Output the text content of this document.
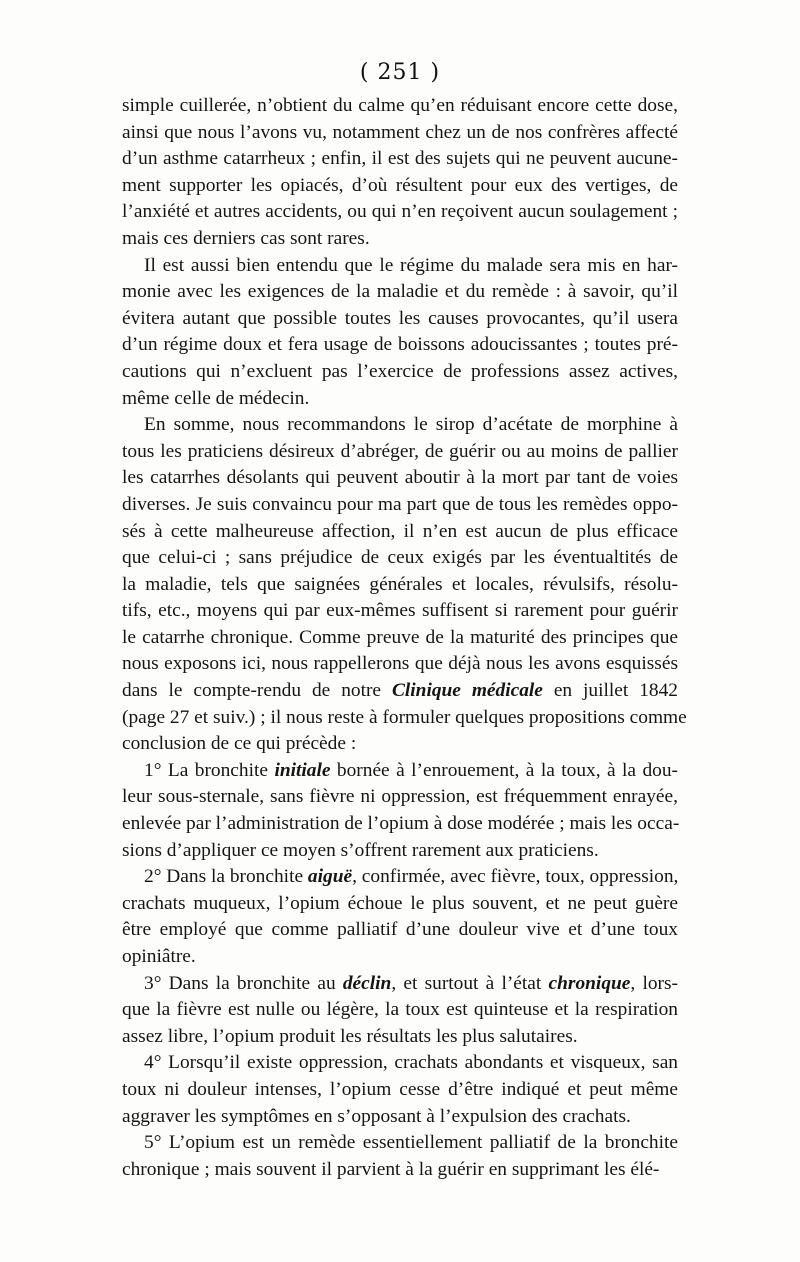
( 251 )
simple cuillerée, n’obtient du calme qu’en réduisant encore cette dose,
ainsi que nous l’avons vu, notamment chez un de nos confrères affecté
d’un asthme catarrheux ; enfin, il est des sujets qui ne peuvent aucune-
ment supporter les opiacés, d’où résultent pour eux des vertiges, de
l’anxiété et autres accidents, ou qui n’en reçoivent aucun soulagement ;
mais ces derniers cas sont rares.
Il est aussi bien entendu que le régime du malade sera mis en har-
monie avec les exigences de la maladie et du remède : à savoir, qu’il
évitera autant que possible toutes les causes provocantes, qu’il usera
d’un régime doux et fera usage de boissons adoucissantes ; toutes pré-
cautions qui n’excluent pas l’exercice de professions assez actives,
même celle de médecin.
En somme, nous recommandons le sirop d’acétate de morphine à
tous les praticiens désireux d’abréger, de guérir ou au moins de pallier
les catarrhes désolants qui peuvent aboutir à la mort par tant de voies
diverses. Je suis convaincu pour ma part que de tous les remèdes oppo-
sés à cette malheureuse affection, il n’en est aucun de plus efficace
que celui-ci ; sans préjudice de ceux exigés par les éventualtités de
la maladie, tels que saignées générales et locales, révulsifs, résolu-
tifs, etc., moyens qui par eux-mêmes suffisent si rarement pour guérir
le catarrhe chronique. Comme preuve de la maturité des principes que
nous exposons ici, nous rappellerons que déjà nous les avons esquissés
dans le compte-rendu de notre Clinique médicale en juillet 1842
(page 27 et suiv.) ; il nous reste à formuler quelques propositions comme
conclusion de ce qui précède :
1° La bronchite initiale bornée à l’enrouement, à la toux, à la dou-
leur sous-sternale, sans fièvre ni oppression, est fréquemment enrayée,
enlevée par l’administration de l’opium à dose modérée ; mais les occa-
sions d’appliquer ce moyen s’offrent rarement aux praticiens.
2° Dans la bronchite aiguë, confirmée, avec fièvre, toux, oppression,
crachats muqueux, l’opium échoue le plus souvent, et ne peut guère
être employé que comme palliatif d’une douleur vive et d’une toux
opiniâtre.
3° Dans la bronchite au déclin, et surtout à l’état chronique, lors-
que la fièvre est nulle ou légère, la toux est quinteuse et la respiration
assez libre, l’opium produit les résultats les plus salutaires.
4° Lorsqu’il existe oppression, crachats abondants et visqueux, san
toux ni douleur intenses, l’opium cesse d’être indiqué et peut même
aggraver les symptômes en s’opposant à l’expulsion des crachats.
5° L’opium est un remède essentiellement palliatif de la bronchite
chronique ; mais souvent il parvient à la guérir en supprimant les élé-
